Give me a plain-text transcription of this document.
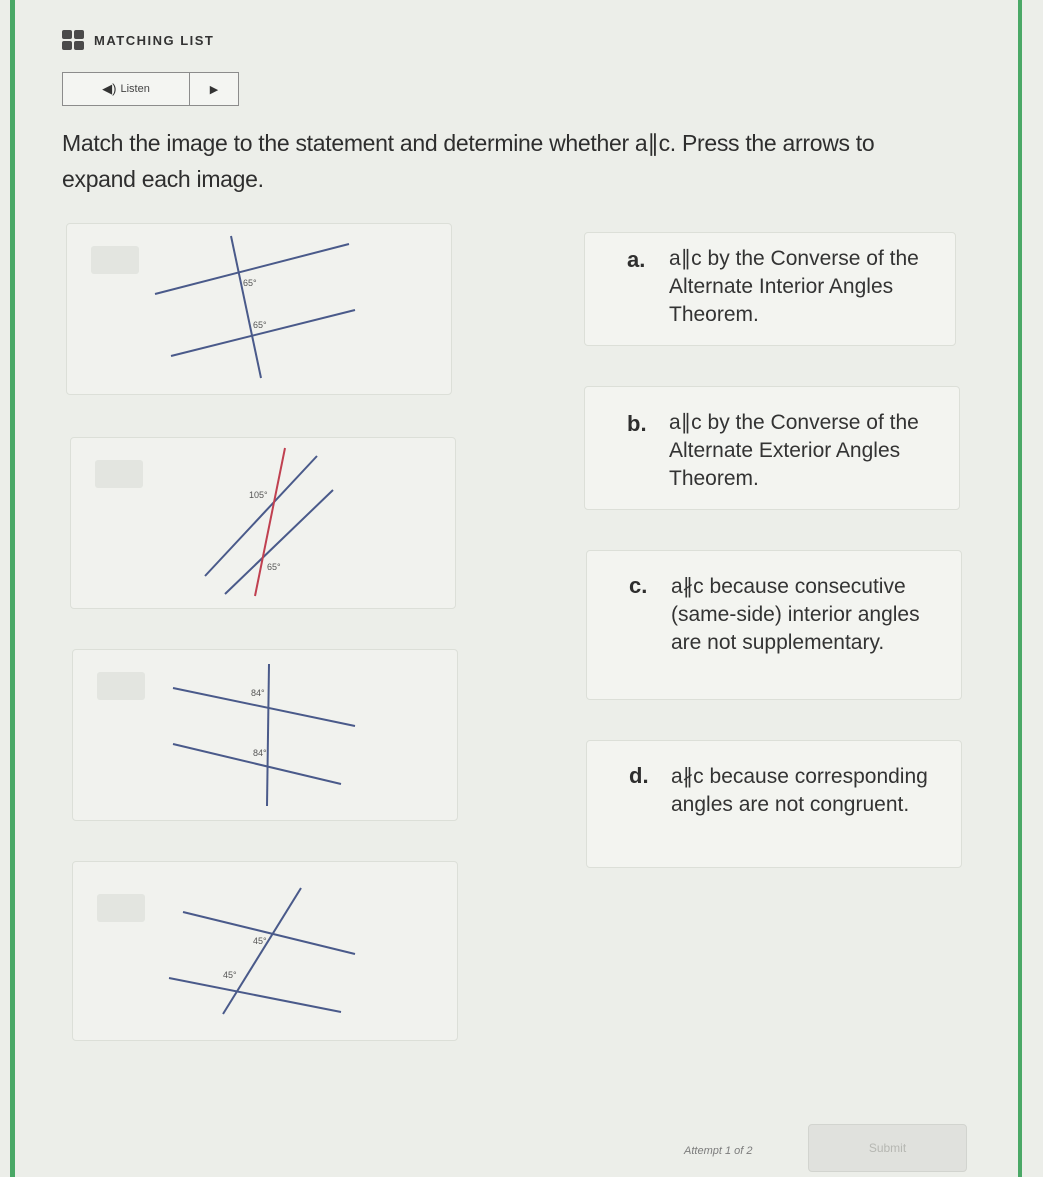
MATCHING LIST
◀) Listen	▶
Match the image to the statement and determine whether a∥c. Press the arrows to expand each image.
65°
65°
105°
65°
84°
84°
45°
45°
a. a∥c by the Converse of the Alternate Interior Angles Theorem.
b. a∥c by the Converse of the Alternate Exterior Angles Theorem.
c. a∦c because consecutive (same-side) interior angles are not supplementary.
d. a∦c because corresponding angles are not congruent.
Attempt 1 of 2	Submit
